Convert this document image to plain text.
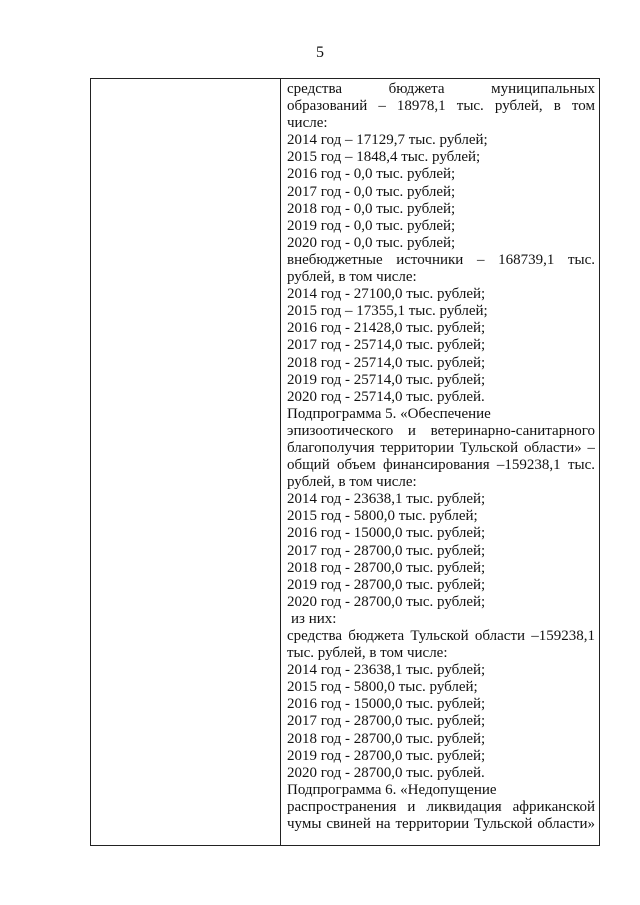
5
средства бюджета муниципальных
образований – 18978,1 тыс. рублей, в том
числе:
2014 год – 17129,7 тыс. рублей;
2015 год – 1848,4 тыс. рублей;
2016 год - 0,0 тыс. рублей;
2017 год - 0,0 тыс. рублей;
2018 год - 0,0 тыс. рублей;
2019 год - 0,0 тыс. рублей;
2020 год - 0,0 тыс. рублей;
внебюджетные источники – 168739,1 тыс.
рублей, в том числе:
2014 год - 27100,0 тыс. рублей;
2015 год – 17355,1 тыс. рублей;
2016 год - 21428,0 тыс. рублей;
2017 год - 25714,0 тыс. рублей;
2018 год - 25714,0 тыс. рублей;
2019 год - 25714,0 тыс. рублей;
2020 год - 25714,0 тыс. рублей.
Подпрограмма 5. «Обеспечение
эпизоотического и ветеринарно-санитарного
благополучия территории Тульской области» –
общий объем финансирования –159238,1 тыс.
рублей, в том числе:
2014 год - 23638,1 тыс. рублей;
2015 год - 5800,0 тыс. рублей;
2016 год - 15000,0 тыс. рублей;
2017 год - 28700,0 тыс. рублей;
2018 год - 28700,0 тыс. рублей;
2019 год - 28700,0 тыс. рублей;
2020 год - 28700,0 тыс. рублей;
из них:
средства бюджета Тульской области –159238,1
тыс. рублей, в том числе:
2014 год - 23638,1 тыс. рублей;
2015 год - 5800,0 тыс. рублей;
2016 год - 15000,0 тыс. рублей;
2017 год - 28700,0 тыс. рублей;
2018 год - 28700,0 тыс. рублей;
2019 год - 28700,0 тыс. рублей;
2020 год - 28700,0 тыс. рублей.
Подпрограмма 6. «Недопущение
распространения и ликвидация африканской
чумы свиней на территории Тульской области»
